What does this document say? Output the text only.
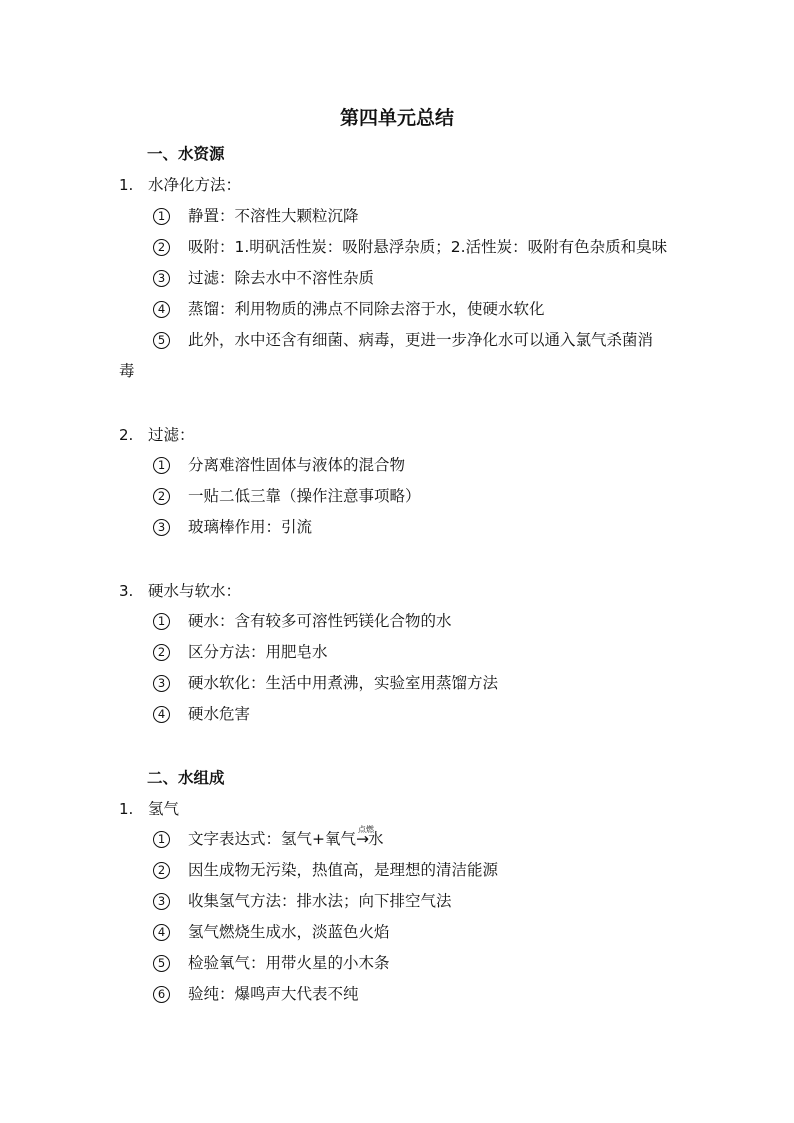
第四单元总结
一、水资源
1. 水净化方法：
1	静置：不溶性大颗粒沉降
2	吸附：1.明矾活性炭：吸附悬浮杂质；2.活性炭：吸附有色杂质和臭味
3	过滤：除去水中不溶性杂质
4	蒸馏：利用物质的沸点不同除去溶于水，使硬水软化
5	此外，水中还含有细菌、病毒，更进一步净化水可以通入氯气杀菌消
毒
2. 过滤：
1	分离难溶性固体与液体的混合物
2	一贴二低三靠（操作注意事项略）
3	玻璃棒作用：引流
3. 硬水与软水：
1	硬水：含有较多可溶性钙镁化合物的水
2	区分方法：用肥皂水
3	硬水软化：生活中用煮沸，实验室用蒸馏方法
4	硬水危害
二、水组成
1. 氢气
1	文字表达式：氢气+氧气
点燃
→水
2	因生成物无污染，热值高，是理想的清洁能源
3	收集氢气方法：排水法；向下排空气法
4	氢气燃烧生成水，淡蓝色火焰
5	检验氧气：用带火星的小木条
6	验纯：爆鸣声大代表不纯
